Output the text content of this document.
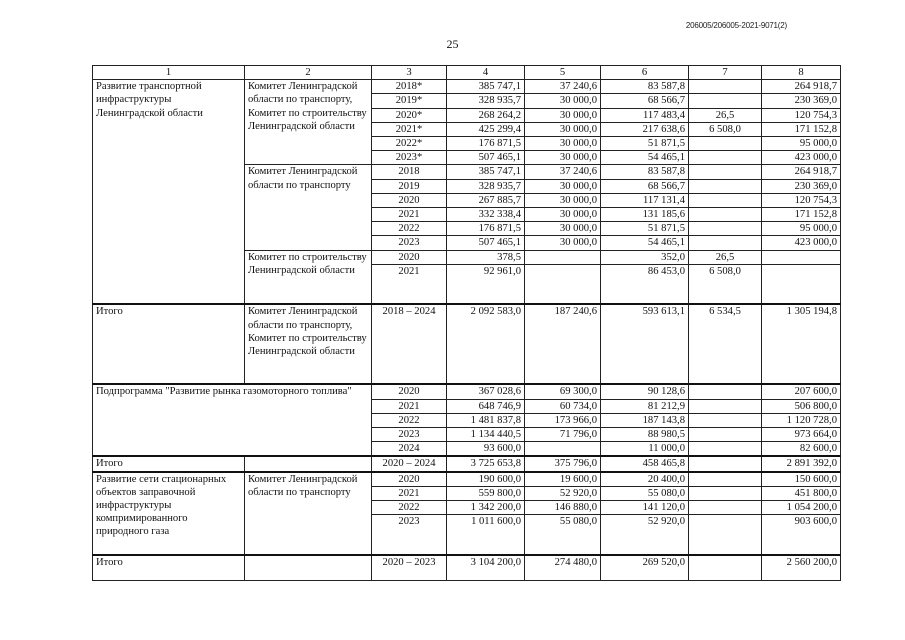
206005/206005-2021-9071(2)
25
1	2	3	4	5	6	7	8
Развитие транспортной инфраструктуры Ленинградской области	Комитет Ленинградской области по транспорту, Комитет по строительству Ленинградской области	2018*	385 747,1	37 240,6	83 587,8		264 918,7
		2019*	328 935,7	30 000,0	68 566,7		230 369,0
		2020*	268 264,2	30 000,0	117 483,4	26,5	120 754,3
		2021*	425 299,4	30 000,0	217 638,6	6 508,0	171 152,8
		2022*	176 871,5	30 000,0	51 871,5		95 000,0
		2023*	507 465,1	30 000,0	54 465,1		423 000,0
	Комитет Ленинградской области по транспорту	2018	385 747,1	37 240,6	83 587,8		264 918,7
		2019	328 935,7	30 000,0	68 566,7		230 369,0
		2020	267 885,7	30 000,0	117 131,4		120 754,3
		2021	332 338,4	30 000,0	131 185,6		171 152,8
		2022	176 871,5	30 000,0	51 871,5		95 000,0
		2023	507 465,1	30 000,0	54 465,1		423 000,0
	Комитет по строительству Ленинградской области	2020	378,5		352,0	26,5	
		2021	92 961,0		86 453,0	6 508,0	
Итого	Комитет Ленинградской области по транспорту, Комитет по строительству Ленинградской области	2018 – 2024	2 092 583,0	187 240,6	593 613,1	6 534,5	1 305 194,8
Подпрограмма "Развитие рынка газомоторного топлива"		2020	367 028,6	69 300,0	90 128,6		207 600,0
		2021	648 746,9	60 734,0	81 212,9		506 800,0
		2022	1 481 837,8	173 966,0	187 143,8		1 120 728,0
		2023	1 134 440,5	71 796,0	88 980,5		973 664,0
		2024	93 600,0		11 000,0		82 600,0
Итого		2020 – 2024	3 725 653,8	375 796,0	458 465,8		2 891 392,0
Развитие сети стационарных объектов заправочной инфраструктуры компримированного природного газа	Комитет Ленинградской области по транспорту	2020	190 600,0	19 600,0	20 400,0		150 600,0
		2021	559 800,0	52 920,0	55 080,0		451 800,0
		2022	1 342 200,0	146 880,0	141 120,0		1 054 200,0
		2023	1 011 600,0	55 080,0	52 920,0		903 600,0
Итого		2020 – 2023	3 104 200,0	274 480,0	269 520,0		2 560 200,0
